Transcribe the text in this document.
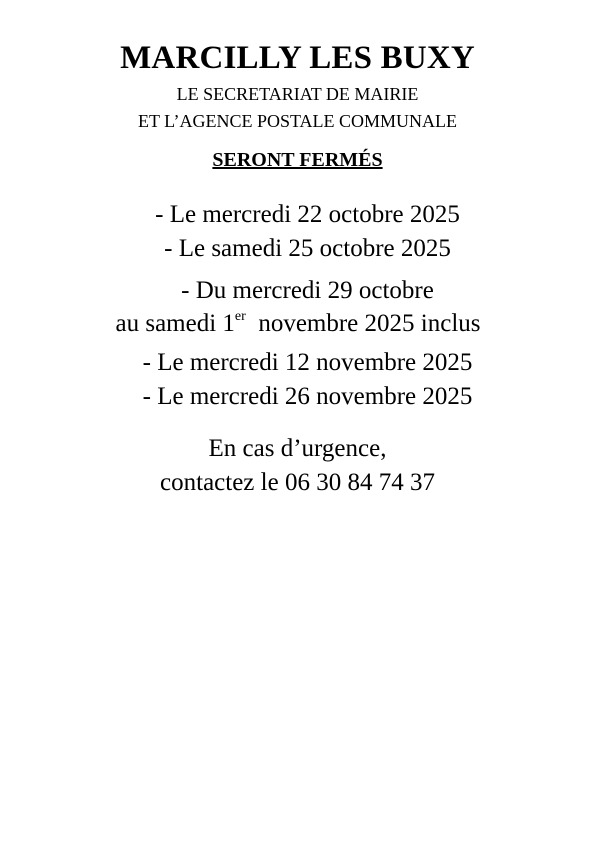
MARCILLY LES BUXY
LE SECRETARIAT DE MAIRIE
ET L’AGENCE POSTALE COMMUNALE
SERONT FERMÉS
- Le mercredi 22 octobre 2025
- Le samedi 25 octobre 2025
- Du mercredi 29 octobre
au samedi 1er  novembre 2025 inclus
- Le mercredi 12 novembre 2025
- Le mercredi 26 novembre 2025
En cas d’urgence,
contactez le 06 30 84 74 37
